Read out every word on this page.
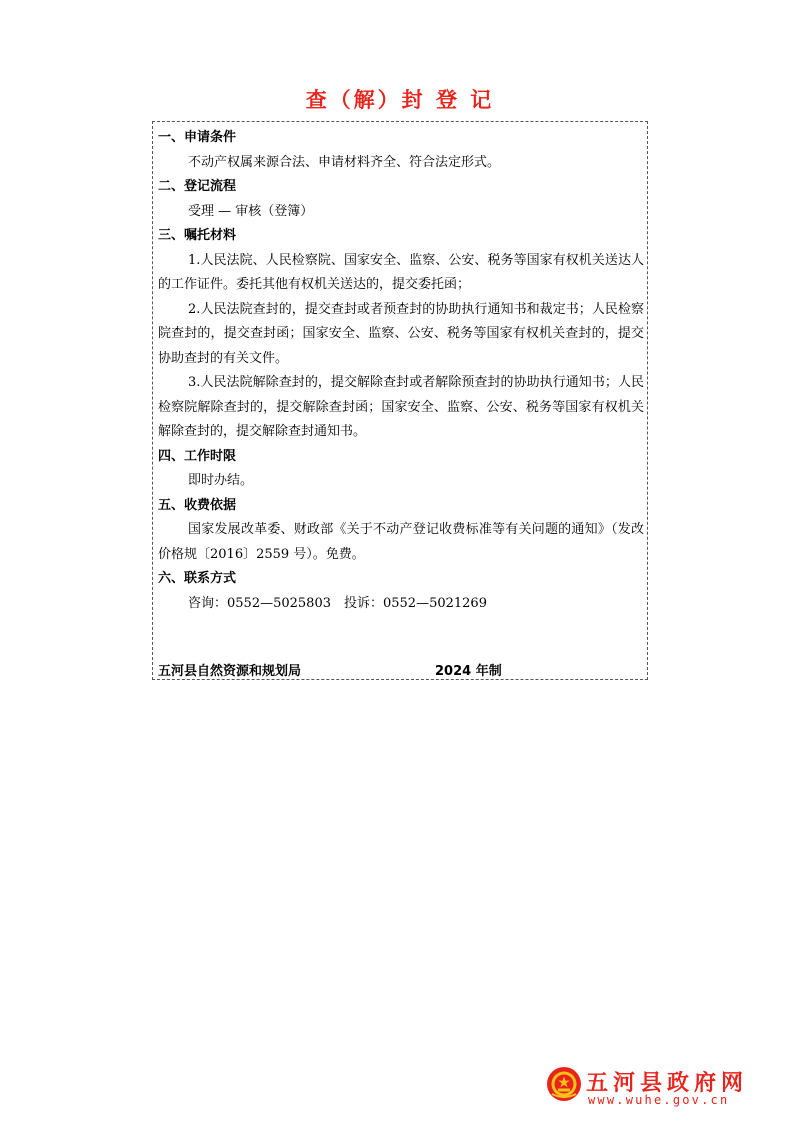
查（解）封 登 记
一、申请条件
不动产权属来源合法、申请材料齐全、符合法定形式。
二、登记流程
受理 — 审核（登簿）
三、嘱托材料
1.人民法院、人民检察院、国家安全、监察、公安、税务等国家有权机关送达人的工作证件。委托其他有权机关送达的，提交委托函；
2.人民法院查封的，提交查封或者预查封的协助执行通知书和裁定书；人民检察院查封的，提交查封函；国家安全、监察、公安、税务等国家有权机关查封的，提交协助查封的有关文件。
3.人民法院解除查封的，提交解除查封或者解除预查封的协助执行通知书；人民检察院解除查封的，提交解除查封函；国家安全、监察、公安、税务等国家有权机关解除查封的，提交解除查封通知书。
四、工作时限
即时办结。
五、收费依据
国家发展改革委、财政部《关于不动产登记收费标准等有关问题的通知》（发改价格规〔2016〕2559 号）。免费。
六、联系方式
咨询：0552—5025803　投诉：0552—5021269
五河县自然资源和规划局	2024 年制
五河县政府网
www.wuhe.gov.cn
